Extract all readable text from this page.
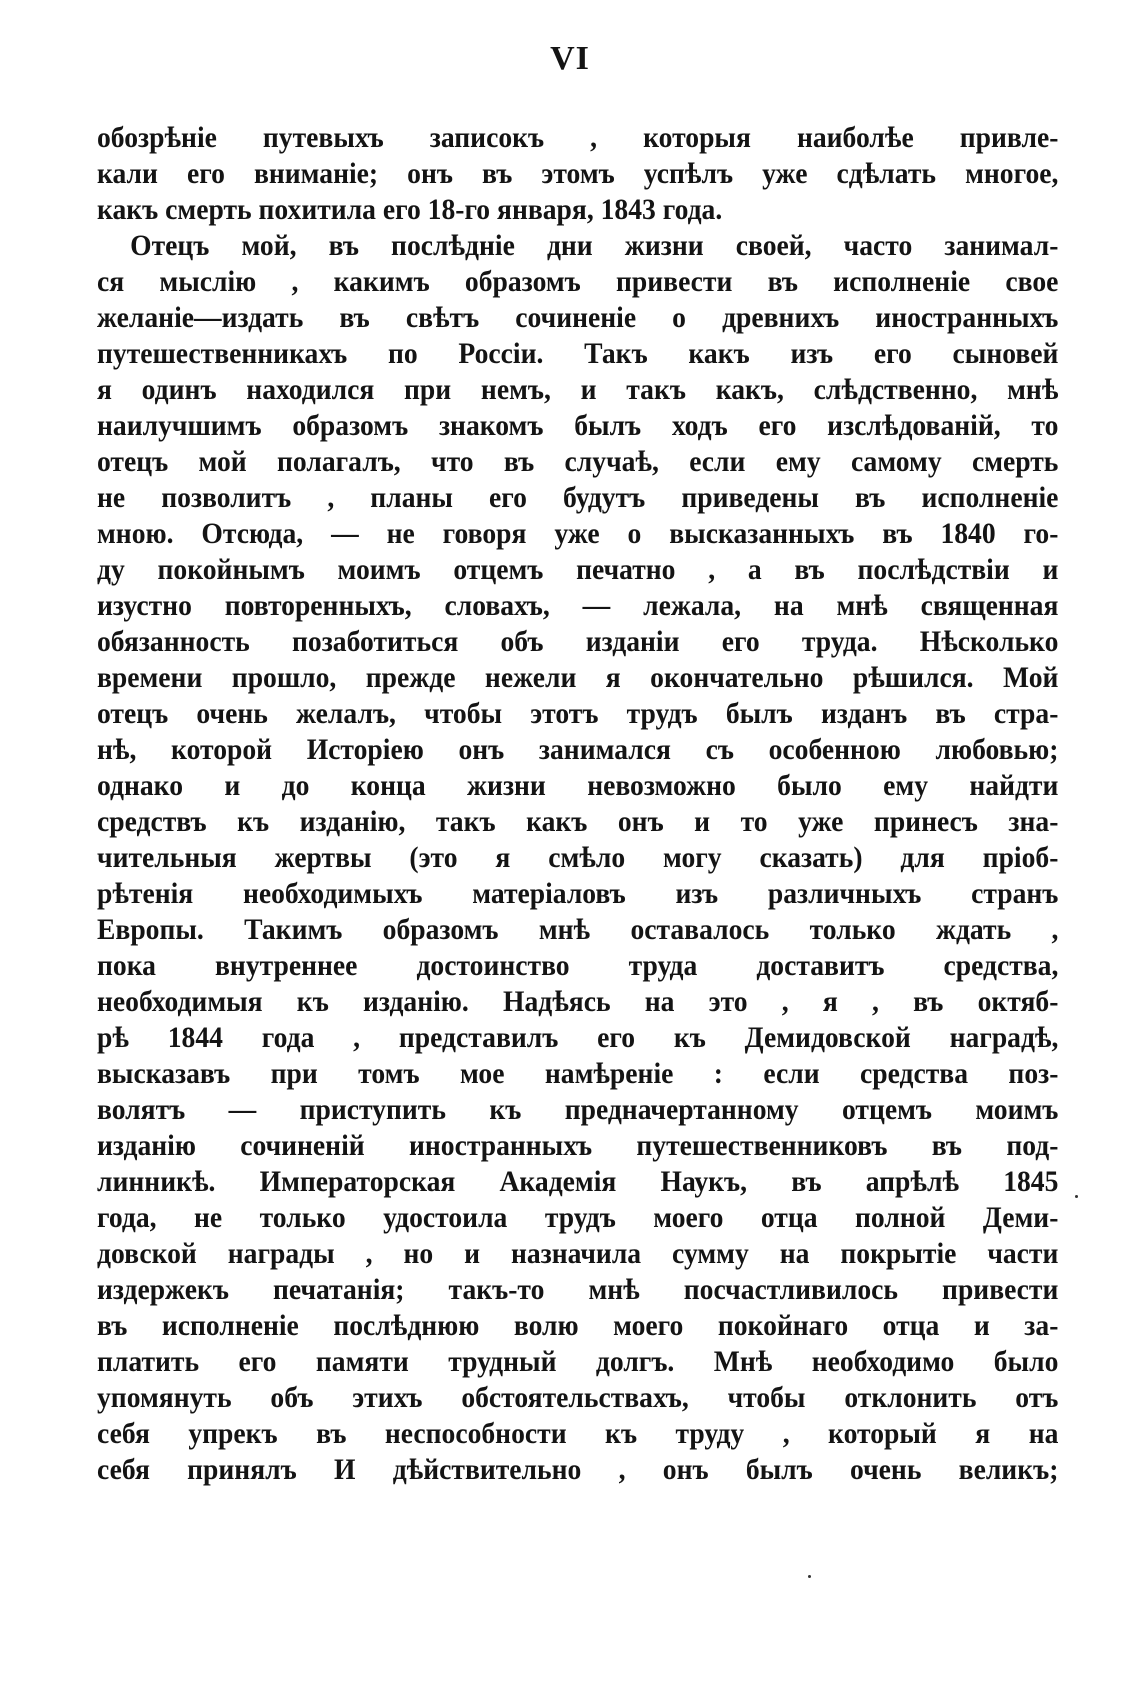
VI
обозрѣніе путевыхъ записокъ , которыя наиболѣе привле-
кали его вниманіе; онъ въ этомъ успѣлъ уже сдѣлать многое,
какъ смерть похитила его 18-го января, 1843 года.
Отецъ мой, въ послѣдніе дни жизни своей, часто занимал-
ся мыслію , какимъ образомъ привести въ исполненіе свое
желаніе—издать въ свѣтъ сочиненіе о древнихъ иностранныхъ
путешественникахъ по Россіи. Такъ какъ изъ его сыновей
я одинъ находился при немъ, и такъ какъ, слѣдственно, мнѣ
наилучшимъ образомъ знакомъ былъ ходъ его изслѣдованій, то
отецъ мой полагалъ, что въ случаѣ, если ему самому смерть
не позволитъ , планы его будутъ приведены въ исполненіе
мною. Отсюда, — не говоря уже о высказанныхъ въ 1840 го-
ду покойнымъ моимъ отцемъ печатно , а въ послѣдствіи и
изустно повторенныхъ, словахъ, — лежала, на мнѣ священная
обязанность позаботиться объ изданіи его труда. Нѣсколько
времени прошло, прежде нежели я окончательно рѣшился. Мой
отецъ очень желалъ, чтобы этотъ трудъ былъ изданъ въ стра-
нѣ, которой Исторіею онъ занимался съ особенною любовью;
однако и до конца жизни невозможно было ему найдти
средствъ къ изданію, такъ какъ онъ и то уже принесъ зна-
чительныя жертвы (это я смѣло могу сказать) для пріоб-
рѣтенія необходимыхъ матеріаловъ изъ различныхъ странъ
Европы. Такимъ образомъ мнѣ оставалось только ждать ,
пока внутреннее достоинство труда доставитъ средства,
необходимыя къ изданію. Надѣясь на это , я , въ октяб-
рѣ 1844 года , представилъ его къ Демидовской наградѣ,
высказавъ при томъ мое намѣреніе : если средства поз-
волятъ — приступить къ предначертанному отцемъ моимъ
изданію сочиненій иностранныхъ путешественниковъ въ под-
линникѣ. Императорская Академія Наукъ, въ апрѣлѣ 1845
года, не только удостоила трудъ моего отца полной Деми-
довской награды , но и назначила сумму на покрытіе части
издержекъ печатанія; такъ-то мнѣ посчастливилось привести
въ исполненіе послѣднюю волю моего покойнаго отца и за-
платить его памяти трудный долгъ. Мнѣ необходимо было
упомянуть объ этихъ обстоятельствахъ, чтобы отклонить отъ
себя упрекъ въ неспособности къ труду , который я на
себя принялъ И дѣйствительно , онъ былъ очень великъ;
